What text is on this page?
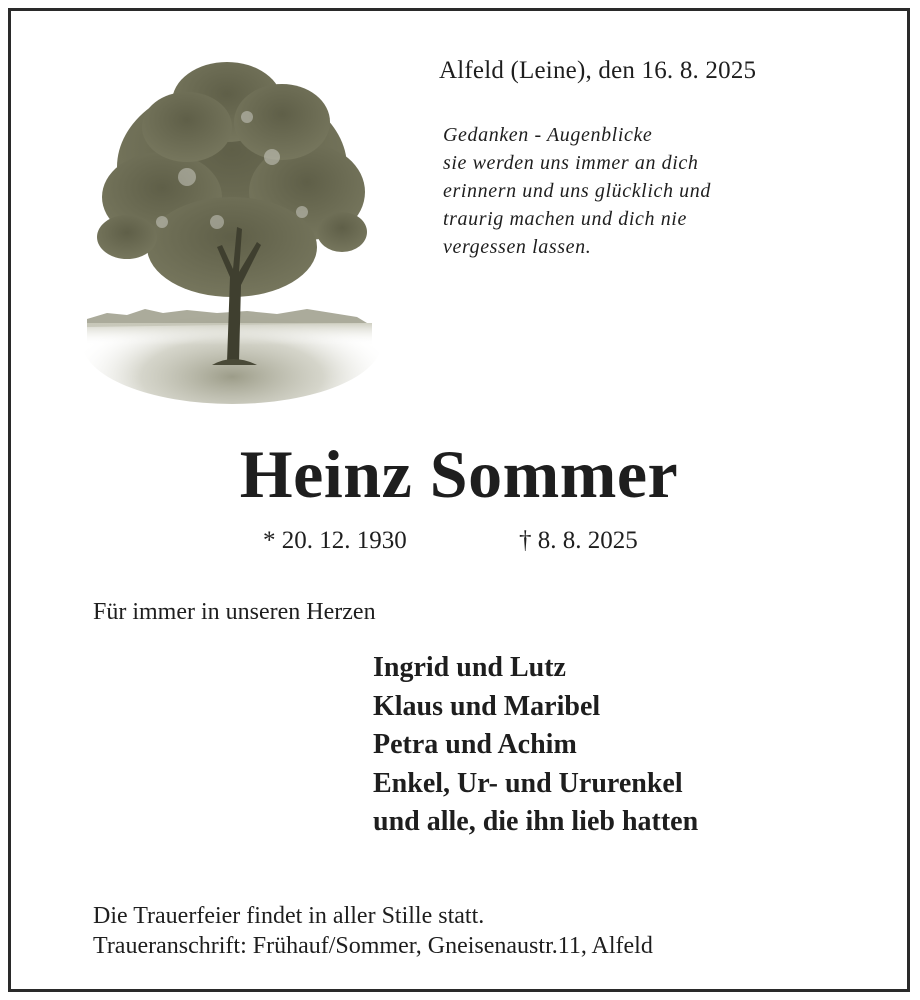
Alfeld (Leine), den 16. 8. 2025
Gedanken - Augenblicke
sie werden uns immer an dich
erinnern und uns glücklich und
traurig machen und dich nie
vergessen lassen.
Heinz Sommer
* 20. 12. 1930	† 8. 8. 2025
Für immer in unseren Herzen
Ingrid und Lutz
Klaus und Maribel
Petra und Achim
Enkel, Ur- und Ururenkel
und alle, die ihn lieb hatten
Die Trauerfeier findet in aller Stille statt.
Traueranschrift: Frühauf/Sommer, Gneisenaustr.11, Alfeld
